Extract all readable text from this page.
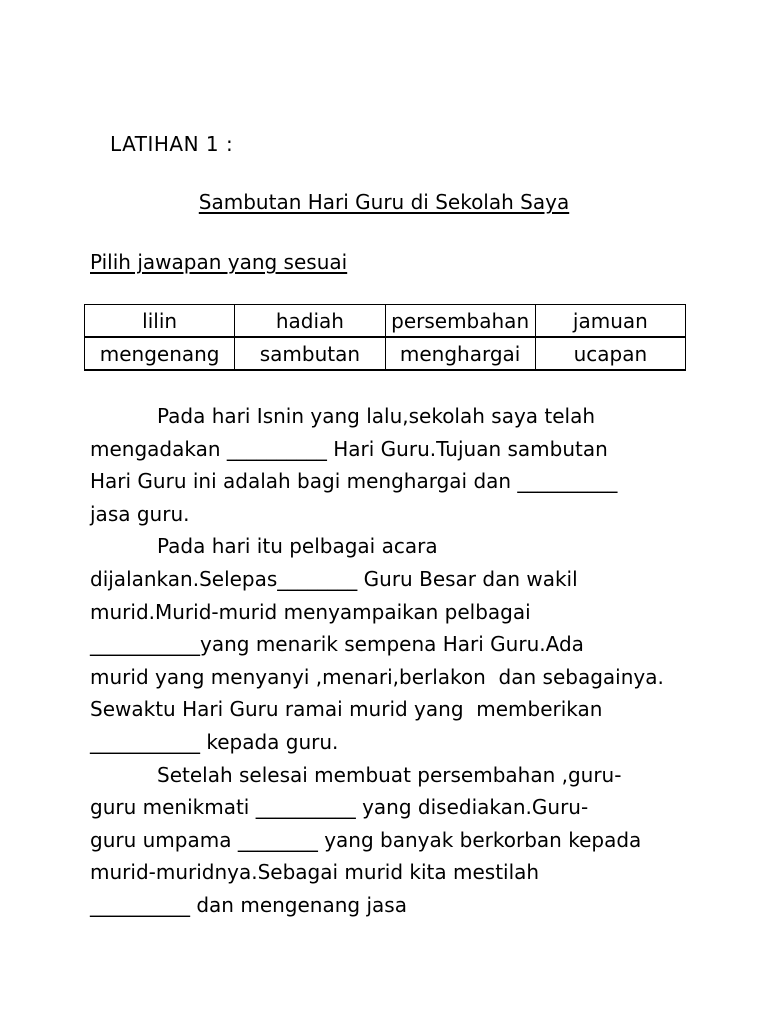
LATIHAN 1 :
Sambutan Hari Guru di Sekolah Saya
Pilih jawapan yang sesuai
lilin	hadiah	persembahan	jamuan
mengenang	sambutan	menghargai	ucapan
Pada hari Isnin yang lalu,sekolah saya telah
mengadakan __________ Hari Guru.Tujuan sambutan
Hari Guru ini adalah bagi menghargai dan __________
jasa guru.
Pada hari itu pelbagai acara
dijalankan.Selepas________ Guru Besar dan wakil
murid.Murid-murid menyampaikan pelbagai
___________yang menarik sempena Hari Guru.Ada
murid yang menyanyi ,menari,berlakon  dan sebagainya.
Sewaktu Hari Guru ramai murid yang  memberikan
___________ kepada guru.
Setelah selesai membuat persembahan ,guru-
guru menikmati __________ yang disediakan.Guru-
guru umpama ________ yang banyak berkorban kepada
murid-muridnya.Sebagai murid kita mestilah
__________ dan mengenang jasa
